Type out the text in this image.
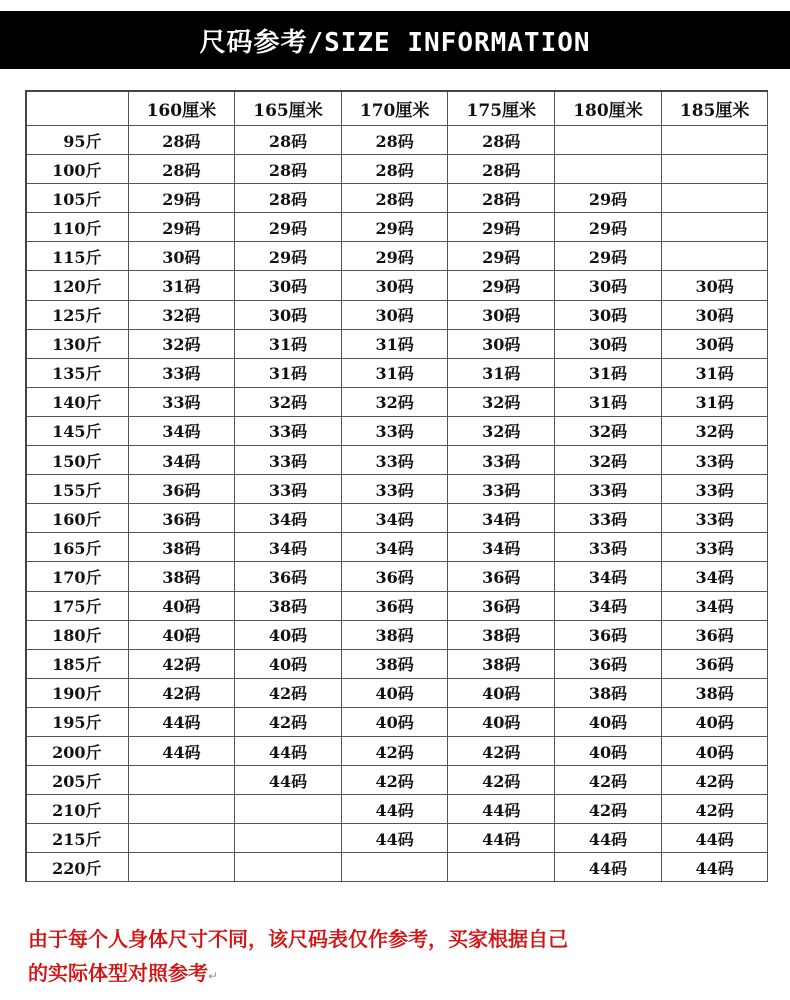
尺码参考/SIZE INFORMATION
	160厘米	165厘米	170厘米	175厘米	180厘米	185厘米
95斤	28码	28码	28码	28码		
100斤	28码	28码	28码	28码		
105斤	29码	28码	28码	28码	29码	
110斤	29码	29码	29码	29码	29码	
115斤	30码	29码	29码	29码	29码	
120斤	31码	30码	30码	29码	30码	30码
125斤	32码	30码	30码	30码	30码	30码
130斤	32码	31码	31码	30码	30码	30码
135斤	33码	31码	31码	31码	31码	31码
140斤	33码	32码	32码	32码	31码	31码
145斤	34码	33码	33码	32码	32码	32码
150斤	34码	33码	33码	33码	32码	33码
155斤	36码	33码	33码	33码	33码	33码
160斤	36码	34码	34码	34码	33码	33码
165斤	38码	34码	34码	34码	33码	33码
170斤	38码	36码	36码	36码	34码	34码
175斤	40码	38码	36码	36码	34码	34码
180斤	40码	40码	38码	38码	36码	36码
185斤	42码	40码	38码	38码	36码	36码
190斤	42码	42码	40码	40码	38码	38码
195斤	44码	42码	40码	40码	40码	40码
200斤	44码	44码	42码	42码	40码	40码
205斤		44码	42码	42码	42码	42码
210斤			44码	44码	42码	42码
215斤			44码	44码	44码	44码
220斤					44码	44码
由于每个人身体尺寸不同，该尺码表仅作参考，买家根据自己
的实际体型对照参考↵
